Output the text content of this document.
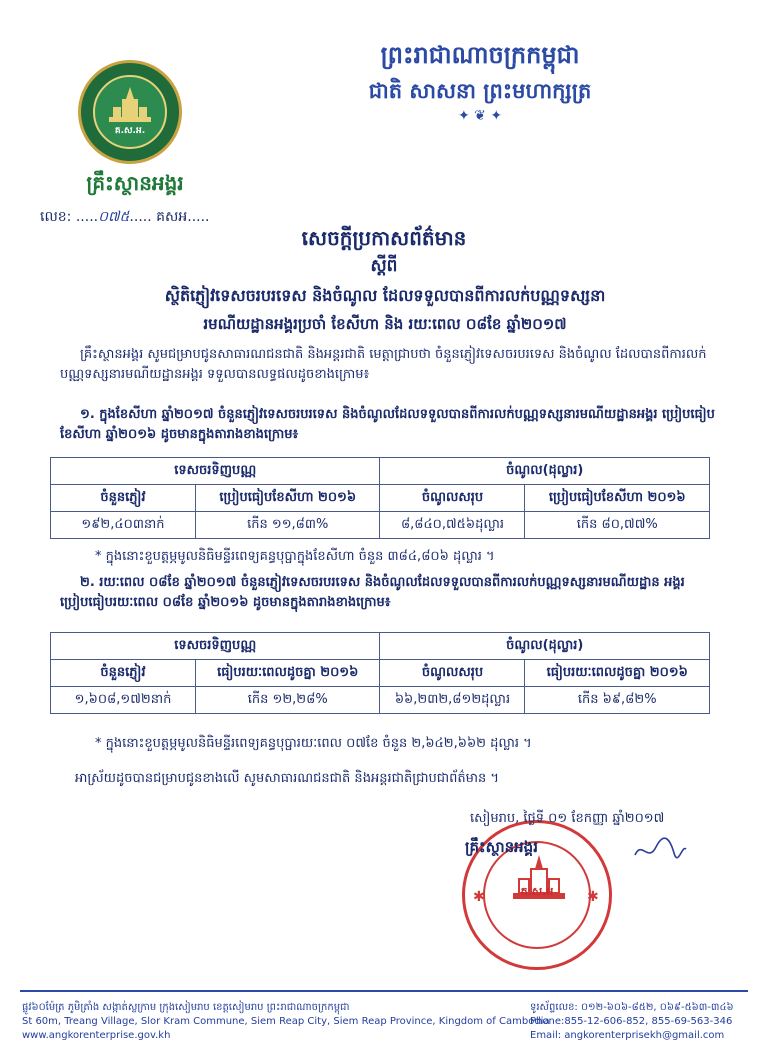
គ.ស.អ.
គ្រឹះស្ថានអង្គរ
ព្រះរាជាណាចក្រកម្ពុជា
ជាតិ សាសនា ព្រះមហាក្សត្រ
✦ ❦ ✦
លេខ: .....០៧៥..... គសអ.....
សេចក្តីប្រកាសព័ត៌មាន
ស្តីពី
ស្ថិតិភ្ញៀវទេសចរបរទេស និងចំណូល ដែលទទួលបានពីការលក់បណ្ណទស្សនា
រមណីយដ្ឋានអង្គរប្រចាំ ខែសីហា និង រយៈពេល ០៨ខែ ឆ្នាំ២០១៧
គ្រឹះស្ថានអង្គរ សូមជម្រាបជូនសាធារណជនជាតិ និងអន្តរជាតិ មេត្តាជ្រាបថា ចំនួនភ្ញៀវទេសចរបរទេស និងចំណូល ដែលបានពីការលក់បណ្ណទស្សនារមណីយដ្ឋានអង្គរ ទទួលបានលទ្ធផលដូចខាងក្រោម៖
១. ក្នុងខែសីហា ឆ្នាំ២០១៧ ចំនួនភ្ញៀវទេសចរបរទេស និងចំណូលដែលទទួលបានពីការលក់បណ្ណទស្សនារមណីយដ្ឋានអង្គរ ប្រៀបធៀប ខែសីហា ឆ្នាំ២០១៦ ដូចមានក្នុងតារាងខាងក្រោម៖
ទេសចរទិញបណ្ណ		ចំណូល(ដុល្លារ)	
ចំនួនភ្ញៀវ	ប្រៀបធៀបខែសីហា ២០១៦	ចំណូលសរុប	ប្រៀបធៀបខែសីហា ២០១៦
១៩២,៤០៣នាក់	កើន ១១,៨៣%	៨,៨៤០,៧៥៦ដុល្លារ	កើន ៨០,៧៧%
* ក្នុងនោះខួបត្តម្ភមូលនិធិមន្ទីរពេទ្យគន្ធបុប្ផាក្នុងខែសីហា ចំនួន ៣៨៤,៨០៦ ដុល្លារ ។
២. រយៈពេល ០៨ខែ ឆ្នាំ២០១៧ ចំនួនភ្ញៀវទេសចរបរទេស និងចំណូលដែលទទួលបានពីការលក់បណ្ណទស្សនារមណីយដ្ឋាន អង្គរ ប្រៀបធៀបរយៈពេល ០៨ខែ ឆ្នាំ២០១៦ ដូចមានក្នុងតារាងខាងក្រោម៖
ទេសចរទិញបណ្ណ		ចំណូល(ដុល្លារ)	
ចំនួនភ្ញៀវ	ធៀបរយៈពេលដូចគ្នា ២០១៦	ចំណូលសរុប	ធៀបរយៈពេលដូចគ្នា ២០១៦
១,៦០៨,១៧២នាក់	កើន ១២,២៨%	៦៦,២៣២,៨១២ដុល្លារ	កើន ៦៩,៨២%
* ក្នុងនោះខួបត្តម្ភមូលនិធិមន្ទីរពេទ្យគន្ធបុប្ផារយៈពេល ០៧ខែ ចំនួន ២,៦៤២,៦៦២ ដុល្លារ ។
អាស្រ័យដូចបានជម្រាបជូនខាងលើ សូមសាធារណជនជាតិ និងអន្តរជាតិជ្រាបជាព័ត៌មាន ។
គ.ស.អ
✱	✱
សៀមរាប, ថ្ងៃទី ០១ ខែកញ្ញា ឆ្នាំ២០១៧
គ្រឹះស្ថានអង្គរ
ផ្លូវ៦០ម៉ែត្រ ភូមិត្រាំង សង្កាត់ស្លក្រាម ក្រុងសៀមរាប ខេត្តសៀមរាប ព្រះរាជាណាចក្រកម្ពុជា
St 60m, Treang Village, Slor Kram Commune, Siem Reap City, Siem Reap Province, Kingdom of Cambodia
www.angkorenterprise.gov.kh
ទូរស័ព្ទលេខ: ០១២-៦០៦-៨៥២, ០៦៩-៥៦៣-៣៤៦
Phone:855-12-606-852, 855-69-563-346
Email: angkorenterprisekh@gmail.com
